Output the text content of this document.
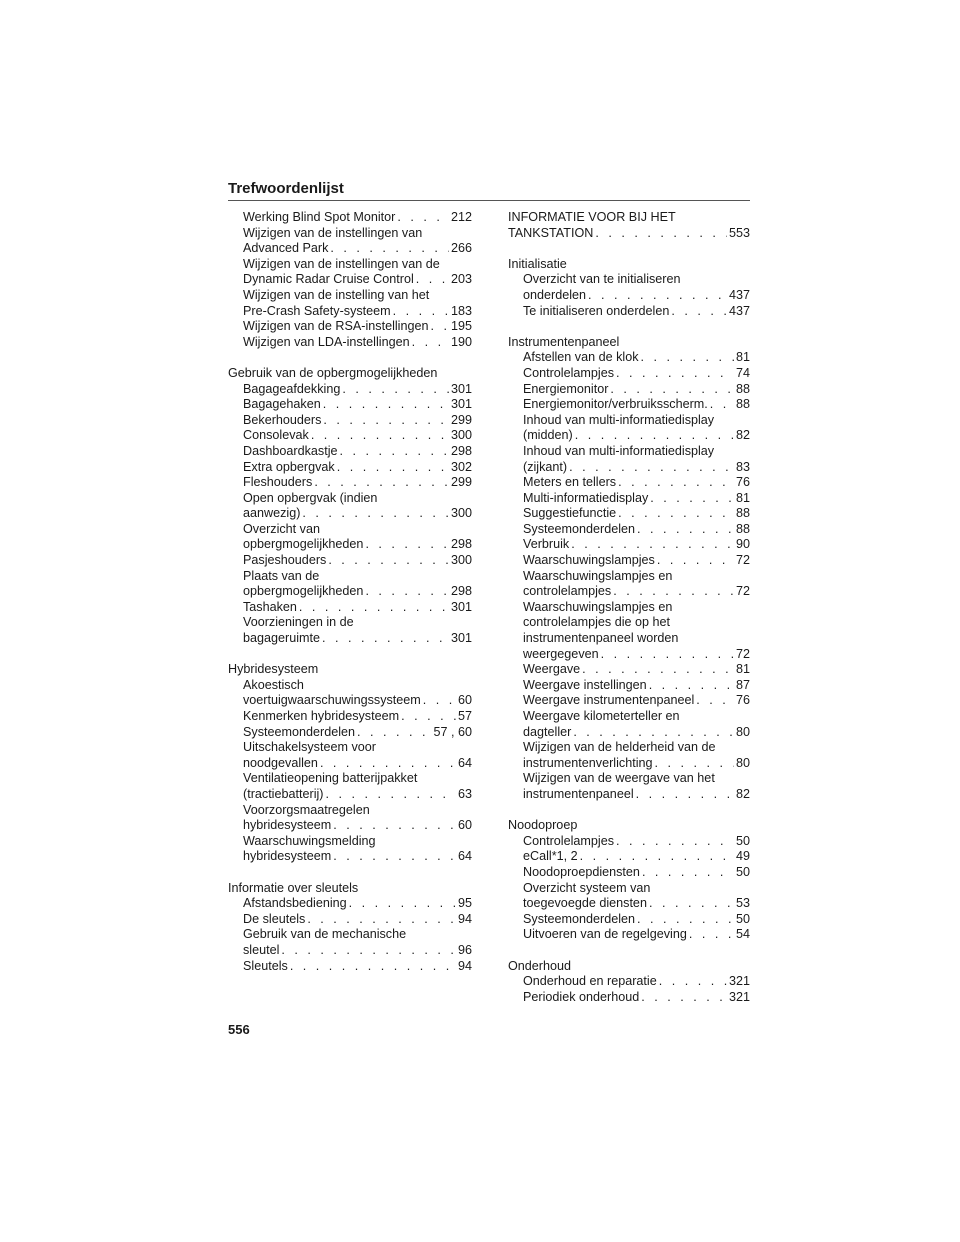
Trefwoordenlijst
Werking Blind Spot Monitor . . .	212
Wijzigen van de instellingen van
Advanced Park . . .	266
Wijzigen van de instellingen van de
Dynamic Radar Cruise Control . . .	203
Wijzigen van de instelling van het
Pre-Crash Safety-systeem . . .	183
Wijzigen van de RSA-instellingen . . . 195
Wijzigen van LDA-instellingen . . .	190
Gebruik van de opbergmogelijkheden
Bagageafdekking . . .	301
Bagagehaken . . .	301
Bekerhouders . . .	299
Consolevak . . .	300
Dashboardkastje . . .	298
Extra opbergvak . . .	302
Fleshouders . . .	299
Open opbergvak (indien
aanwezig) . . .	300
Overzicht van
opbergmogelijkheden . . .	298
Pasjeshouders . . .	300
Plaats van de
opbergmogelijkheden . . .	298
Tashaken . . .	301
Voorzieningen in de
bagageruimte . . .	301
Hybridesysteem
Akoestisch
voertuigwaarschuwingssysteem . . .	60
Kenmerken hybridesysteem . . .	57
Systeemonderdelen . . .	57 , 60
Uitschakelsysteem voor
noodgevallen . . .	64
Ventilatieopening batterijpakket
(tractiebatterij) . . .	63
Voorzorgsmaatregelen
hybridesysteem . . .	60
Waarschuwingsmelding
hybridesysteem . . .	64
Informatie over sleutels
Afstandsbediening . . .	95
De sleutels . . .	94
Gebruik van de mechanische
sleutel . . .	96
Sleutels . . .	94
INFORMATIE VOOR BIJ HET
TANKSTATION . . .	553
Initialisatie
Overzicht van te initialiseren
onderdelen . . .	437
Te initialiseren onderdelen . . .	437
Instrumentenpaneel
Afstellen van de klok . . .	81
Controlelampjes . . .	74
Energiemonitor . . .	88
Energiemonitor/verbruiksscherm. . . . 88
Inhoud van multi-informatiedisplay
(midden) . . .	82
Inhoud van multi-informatiedisplay
(zijkant) . . .	83
Meters en tellers . . .	76
Multi-informatiedisplay . . .	81
Suggestiefunctie . . .	88
Systeemonderdelen . . .	88
Verbruik . . .	90
Waarschuwingslampjes . . .	72
Waarschuwingslampjes en
controlelampjes . . .	72
Waarschuwingslampjes en
controlelampjes die op het
instrumentenpaneel worden
weergegeven . . .	72
Weergave . . .	81
Weergave instellingen . . .	87
Weergave instrumentenpaneel . . .	76
Weergave kilometerteller en
dagteller . . .	80
Wijzigen van de helderheid van de
instrumentenverlichting . . .	80
Wijzigen van de weergave van het
instrumentenpaneel . . .	82
Noodoproep
Controlelampjes . . .	50
eCall*1, 2 . . .	49
Noodoproepdiensten . . .	50
Overzicht systeem van
toegevoegde diensten . . .	53
Systeemonderdelen . . .	50
Uitvoeren van de regelgeving . . .	54
Onderhoud
Onderhoud en reparatie . . .	321
Periodiek onderhoud . . .	321

556
